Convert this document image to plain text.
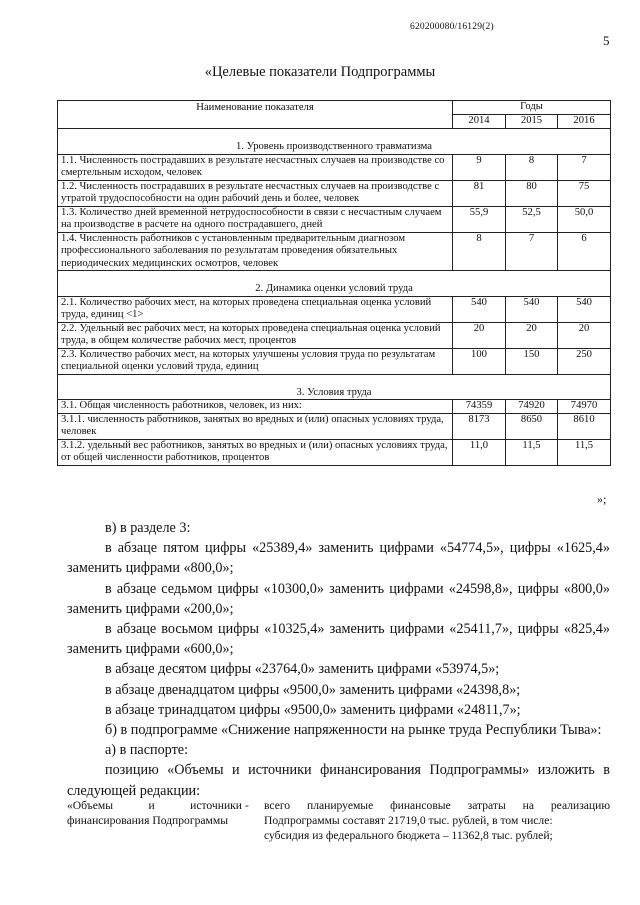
620200080/16129(2)
5
«Целевые показатели Подпрограммы
Наименование показателя	Годы		
	2014	2015	2016

1. Уровень производственного травматизма			
1.1. Численность пострадавших в результате несчастных случаев на производстве со смертельным исходом, человек	9	8	7
1.2. Численность пострадавших в результате несчастных случаев на производстве с утратой трудоспособности на один рабочий день и более, человек	81	80	75
1.3. Количество дней временной нетрудоспособности в связи с несчастным случаем на производстве в расчете на одного пострадавшего, дней	55,9	52,5	50,0
1.4. Численность работников с установленным предварительным диагнозом профессионального заболевания по результатам проведения обязательных периодических медицинских осмотров, человек	8	7	6

2. Динамика оценки условий труда			
2.1. Количество рабочих мест, на которых проведена специальная оценка условий труда, единиц <1>	540	540	540
2.2. Удельный вес рабочих мест, на которых проведена специальная оценка условий труда, в общем количестве рабочих мест, процентов	20	20	20
2.3. Количество рабочих мест, на которых улучшены условия труда по результатам специальной оценки условий труда, единиц	100	150	250

3. Условия труда			
3.1. Общая численность работников, человек, из них:	74359	74920	74970
3.1.1. численность работников, занятых во вредных и (или) опасных условиях труда, человек	8173	8650	8610
3.1.2. удельный вес работников, занятых во вредных и (или) опасных условиях труда, от общей численности работников, процентов	11,0	11,5	11,5
»;

в) в разделе 3:

в абзаце пятом цифры «25389,4» заменить цифрами «54774,5», цифры «1625,4» заменить цифрами «800,0»;

в абзаце седьмом цифры «10300,0» заменить цифрами «24598,8», цифры «800,0» заменить цифрами «200,0»;

в абзаце восьмом цифры «10325,4» заменить цифрами «25411,7», цифры «825,4» заменить цифрами «600,0»;

в абзаце десятом цифры «23764,0» заменить цифрами «53974,5»;

в абзаце двенадцатом цифры «9500,0» заменить цифрами «24398,8»;

в абзаце тринадцатом цифры «9500,0» заменить цифрами «24811,7»;

б) в подпрограмме «Снижение напряженности на рынке труда Республики Тыва»:

а) в паспорте:

позицию «Объемы и источники финансирования Подпрограммы» изложить в следующей редакции:

«Объемы и источники финансирования Подпрограммы
- всего планируемые финансовые затраты на реализацию Подпрограммы составят 21719,0 тыс. рублей, в том числе:

субсидия из федерального бюджета – 11362,8 тыс. рублей;
